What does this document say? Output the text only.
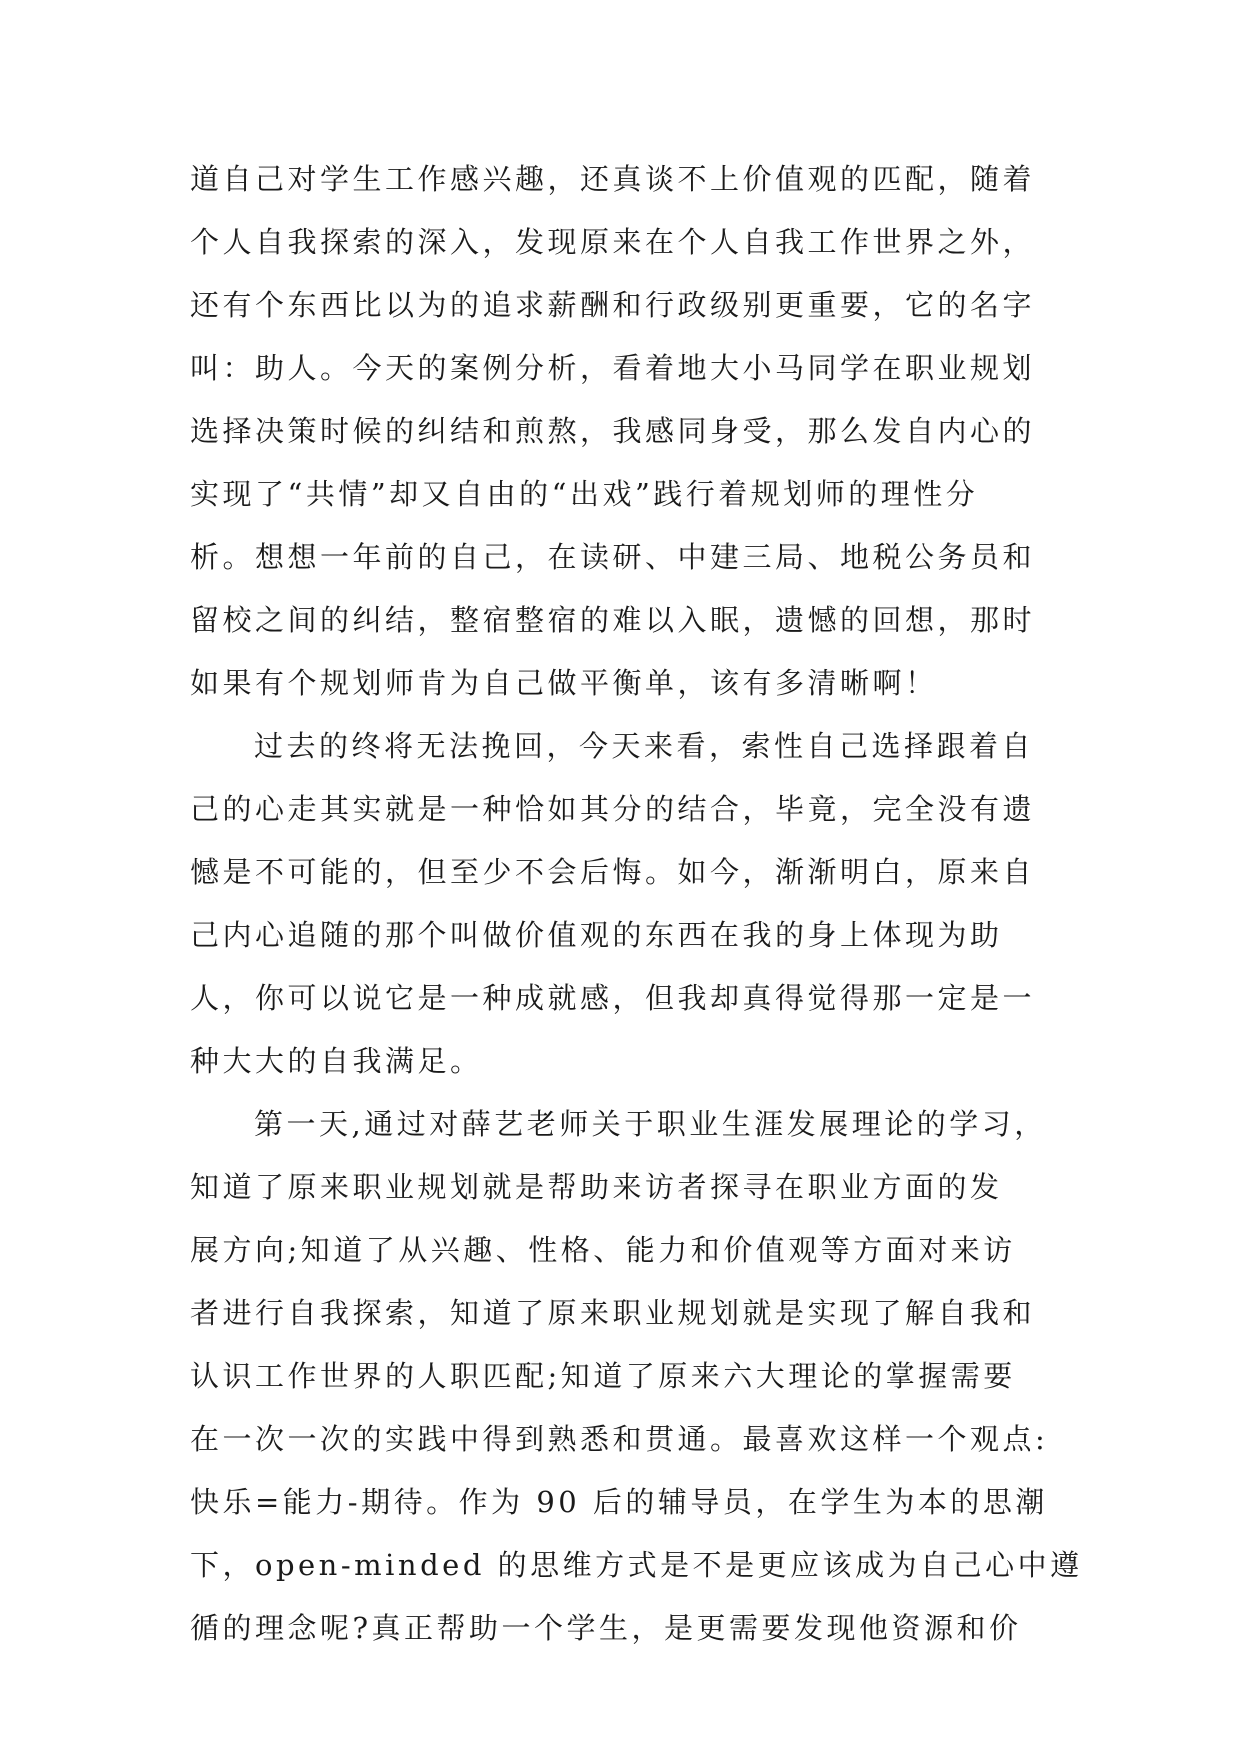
道自己对学生工作感兴趣，还真谈不上价值观的匹配，随着
个人自我探索的深入，发现原来在个人自我工作世界之外，
还有个东西比以为的追求薪酬和行政级别更重要，它的名字
叫：助人。今天的案例分析，看着地大小马同学在职业规划
选择决策时候的纠结和煎熬，我感同身受，那么发自内心的
实现了“共情”却又自由的“出戏”践行着规划师的理性分
析。想想一年前的自己，在读研、中建三局、地税公务员和
留校之间的纠结，整宿整宿的难以入眠，遗憾的回想，那时
如果有个规划师肯为自己做平衡单，该有多清晰啊！
过去的终将无法挽回，今天来看，索性自己选择跟着自
己的心走其实就是一种恰如其分的结合，毕竟，完全没有遗
憾是不可能的，但至少不会后悔。如今，渐渐明白，原来自
己内心追随的那个叫做价值观的东西在我的身上体现为助
人，你可以说它是一种成就感，但我却真得觉得那一定是一
种大大的自我满足。
第一天,通过对薛艺老师关于职业生涯发展理论的学习，
知道了原来职业规划就是帮助来访者探寻在职业方面的发
展方向;知道了从兴趣、性格、能力和价值观等方面对来访
者进行自我探索，知道了原来职业规划就是实现了解自我和
认识工作世界的人职匹配;知道了原来六大理论的掌握需要
在一次一次的实践中得到熟悉和贯通。最喜欢这样一个观点:
快乐=能力-期待。作为 90 后的辅导员，在学生为本的思潮
下，open-minded 的思维方式是不是更应该成为自己心中遵
循的理念呢?真正帮助一个学生，是更需要发现他资源和价
